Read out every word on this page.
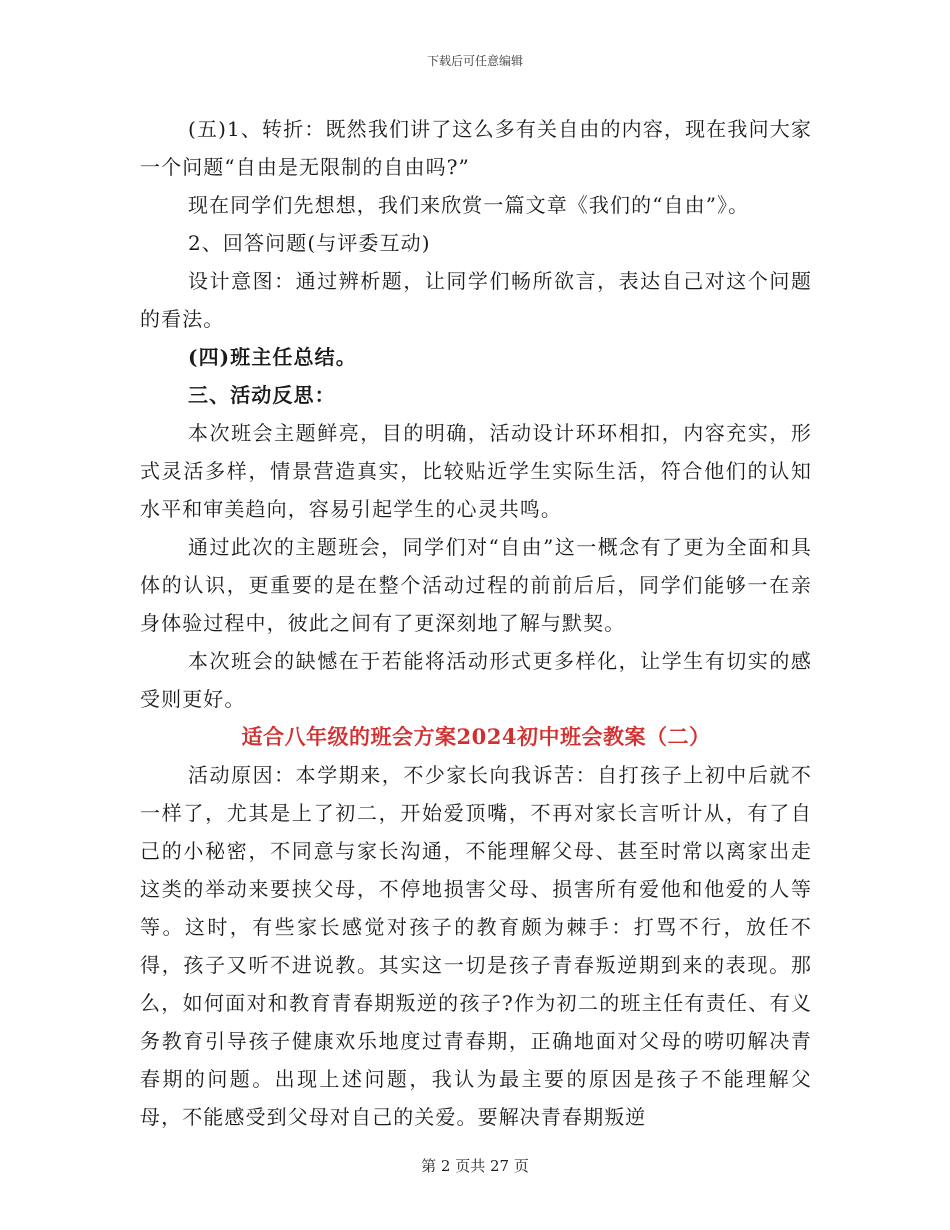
下载后可任意编辑

(五)1、转折：既然我们讲了这么多有关自由的内容，现在我问大家一个问题“自由是无限制的自由吗?”

现在同学们先想想，我们来欣赏一篇文章《我们的“自由”》。

2、回答问题(与评委互动)

设计意图：通过辨析题，让同学们畅所欲言，表达自己对这个问题的看法。

(四)班主任总结。

三、活动反思：

本次班会主题鲜亮，目的明确，活动设计环环相扣，内容充实，形式灵活多样，情景营造真实，比较贴近学生实际生活，符合他们的认知水平和审美趋向，容易引起学生的心灵共鸣。

通过此次的主题班会，同学们对“自由”这一概念有了更为全面和具体的认识，更重要的是在整个活动过程的前前后后，同学们能够一在亲身体验过程中，彼此之间有了更深刻地了解与默契。

本次班会的缺憾在于若能将活动形式更多样化，让学生有切实的感受则更好。

适合八年级的班会方案2024初中班会教案（二）

活动原因：本学期来，不少家长向我诉苦：自打孩子上初中后就不一样了，尤其是上了初二，开始爱顶嘴，不再对家长言听计从，有了自己的小秘密，不同意与家长沟通，不能理解父母、甚至时常以离家出走这类的举动来要挟父母，不停地损害父母、损害所有爱他和他爱的人等等。这时，有些家长感觉对孩子的教育颇为棘手：打骂不行，放任不得，孩子又听不进说教。其实这一切是孩子青春叛逆期到来的表现。那么，如何面对和教育青春期叛逆的孩子?作为初二的班主任有责任、有义务教育引导孩子健康欢乐地度过青春期，正确地面对父母的唠叨解决青春期的问题。出现上述问题，我认为最主要的原因是孩子不能理解父母，不能感受到父母对自己的关爱。要解决青春期叛逆

第 2 页共 27 页
